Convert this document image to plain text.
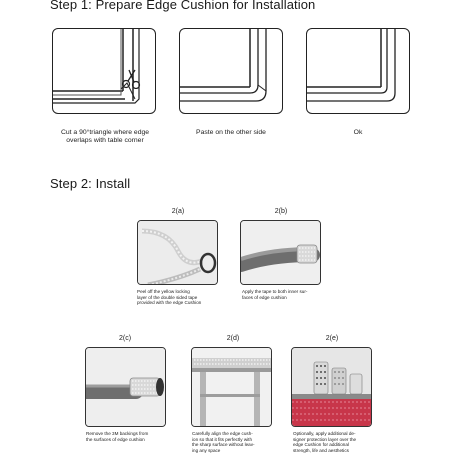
Step 1: Prepare Edge Cushion for Installation
Cut a 90°triangle where edge
overlaps with table corner
Paste on the other side	Ok
Step 2: Install
2(a)
Peel off the yellow locking
layer of the double sided tape
provided with the edge Cushion
2(b)
Apply the tape to both inner sur-
faces of edge cushion
2(c)
Remove the 3M backings from
the surfaces of edge cushion
2(d)
Carefully align the edge cush-
ion so that it fits perfectly with
the sharp surface without leav-
ing any space
2(e)
Optionally, apply additional de-
signer protection layer over the
edge Cushion for additional
strength, life and aesthetics
